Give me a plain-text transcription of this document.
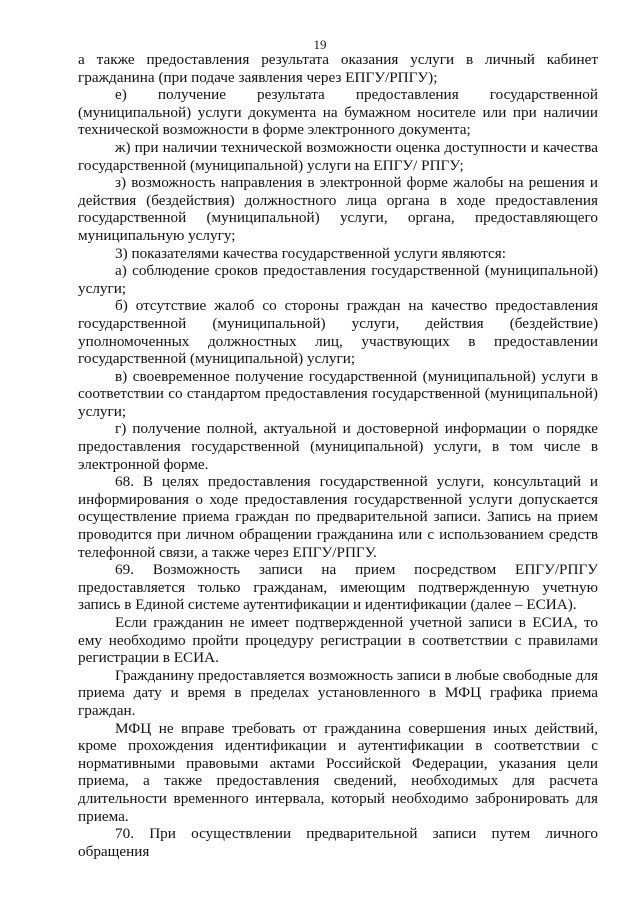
19

а также предоставления результата оказания услуги в личный кабинет гражданина (при подаче заявления через ЕПГУ/РПГУ);

е) получение результата предоставления государственной (муниципальной) услуги документа на бумажном носителе или при наличии технической возможности в форме электронного документа;

ж) при наличии технической возможности оценка доступности и качества государственной (муниципальной) услуги на ЕПГУ/ РПГУ;

з) возможность направления в электронной форме жалобы на решения и действия (бездействия) должностного лица органа в ходе предоставления государственной (муниципальной) услуги, органа, предоставляющего муниципальную услугу;

3) показателями качества государственной услуги являются:

а) соблюдение сроков предоставления государственной (муниципальной) услуги;

б) отсутствие жалоб со стороны граждан на качество предоставления государственной (муниципальной) услуги, действия (бездействие) уполномоченных должностных лиц, участвующих в предоставлении государственной (муниципальной) услуги;

в) своевременное получение государственной (муниципальной) услуги в соответствии со стандартом предоставления государственной (муниципальной) услуги;

г) получение полной, актуальной и достоверной информации о порядке предоставления государственной (муниципальной) услуги, в том числе в электронной форме.

68. В целях предоставления государственной услуги, консультаций и информирования о ходе предоставления государственной услуги допускается осуществление приема граждан по предварительной записи. Запись на прием проводится при личном обращении гражданина или с использованием средств телефонной связи, а также через ЕПГУ/РПГУ.

69. Возможность записи на прием посредством ЕПГУ/РПГУ предоставляется только гражданам, имеющим подтвержденную учетную запись в Единой системе аутентификации и идентификации (далее – ЕСИА).

Если гражданин не имеет подтвержденной учетной записи в ЕСИА, то ему необходимо пройти процедуру регистрации в соответствии с правилами регистрации в ЕСИА.

Гражданину предоставляется возможность записи в любые свободные для приема дату и время в пределах установленного в МФЦ графика приема граждан.

МФЦ не вправе требовать от гражданина совершения иных действий, кроме прохождения идентификации и аутентификации в соответствии с нормативными правовыми актами Российской Федерации, указания цели приема, а также предоставления сведений, необходимых для расчета длительности временного интервала, который необходимо забронировать для приема.

70. При осуществлении предварительной записи путем личного обращения
